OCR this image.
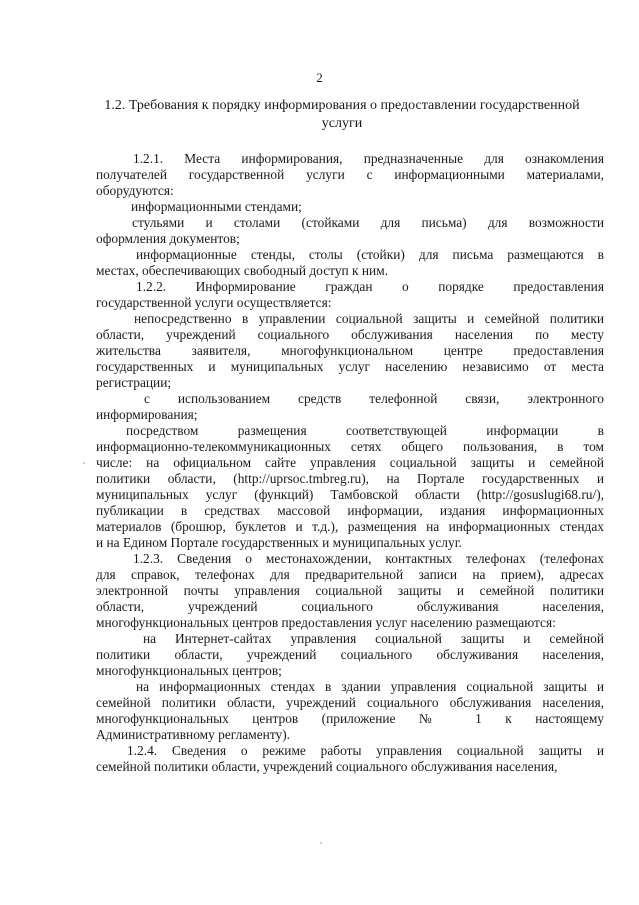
2
1.2. Требования к порядку информирования о предоставлении государственной
услуги
1.2.1. Места информирования, предназначенные для ознакомления
получателей государственной услуги с информационными материалами,
оборудуются:
информационными стендами;
стульями и столами (стойками для письма) для возможности
оформления документов;
информационные стенды, столы (стойки) для письма размещаются в
местах, обеспечивающих свободный доступ к ним.
1.2.2. Информирование граждан о порядке предоставления
государственной услуги осуществляется:
непосредственно в управлении социальной защиты и семейной политики
области, учреждений социального обслуживания населения по месту
жительства заявителя, многофункциональном центре предоставления
государственных и муниципальных услуг населению независимо от места
регистрации;
с использованием средств телефонной связи, электронного
информирования;
посредством размещения соответствующей информации в
информационно-телекоммуникационных сетях общего пользования, в том
числе: на официальном сайте управления социальной защиты и семейной
политики области, (http://uprsoc.tmbreg.ru), на Портале государственных и
муниципальных услуг (функций) Тамбовской области (http://gosuslugi68.ru/),
публикации в средствах массовой информации, издания информационных
материалов (брошюр, буклетов и т.д.), размещения на информационных стендах
и на Едином Портале государственных и муниципальных услуг.
1.2.3. Сведения о местонахождении, контактных телефонах (телефонах
для справок, телефонах для предварительной записи на прием), адресах
электронной почты управления социальной защиты и семейной политики
области, учреждений социального обслуживания населения,
многофункциональных центров предоставления услуг населению размещаются:
на Интернет-сайтах управления социальной защиты и семейной
политики области, учреждений социального обслуживания населения,
многофункциональных центров;
на информационных стендах в здании управления социальной защиты и
семейной политики области, учреждений социального обслуживания населения,
многофункциональных центров (приложение № 1 к настоящему
Административному регламенту).
1.2.4. Сведения о режиме работы управления социальной защиты и
семейной политики области, учреждений социального обслуживания населения,
